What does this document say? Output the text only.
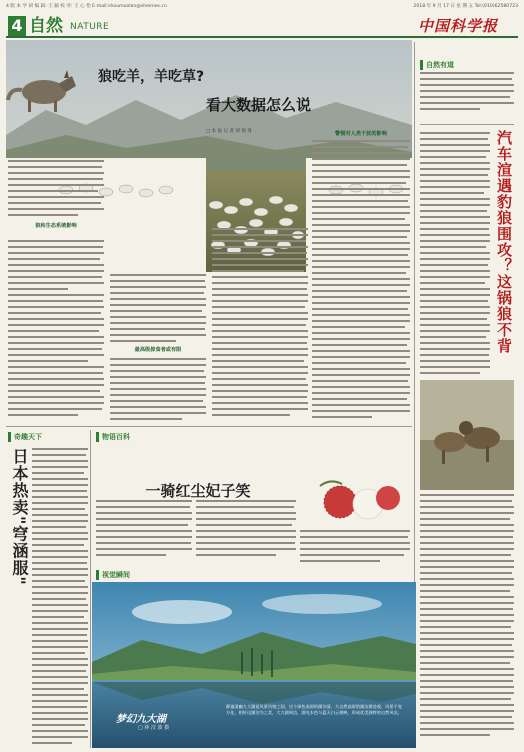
4 版 本 学 研 编 辑: 王 颖 校 对: 王 心 怡 E-mail:shoumoolan@sheimes.cn	2018 年 9 月 17 日 星 期 五 Tel:(010)62580723
4 自然 NATURE	中国科学报
狼吃羊，羊吃草?
看大数据怎么说
□ 本 报 记 者 胡 珉 琦
狼和生态系统影响
最高级掠食者或有限
警惕对人类干扰的影响
自然有道
汽车渲遇豹狼围攻？这锅狼不背
奇趣天下
日本热卖"穹涵服"
物语百科
一骑红尘妃子笑
视觉瞬间
梦幻九大湖
□ 林 汉 波 摄
静谧清幽九大湖是风景风格之国，这个绿色高原的湖泊清，大自然高原的湖泊群处观，风景千变万化，相传这湖泊为之美，大九湖周边，湖光水色与蓝天白云相映，形成优美独特的自然风光。
